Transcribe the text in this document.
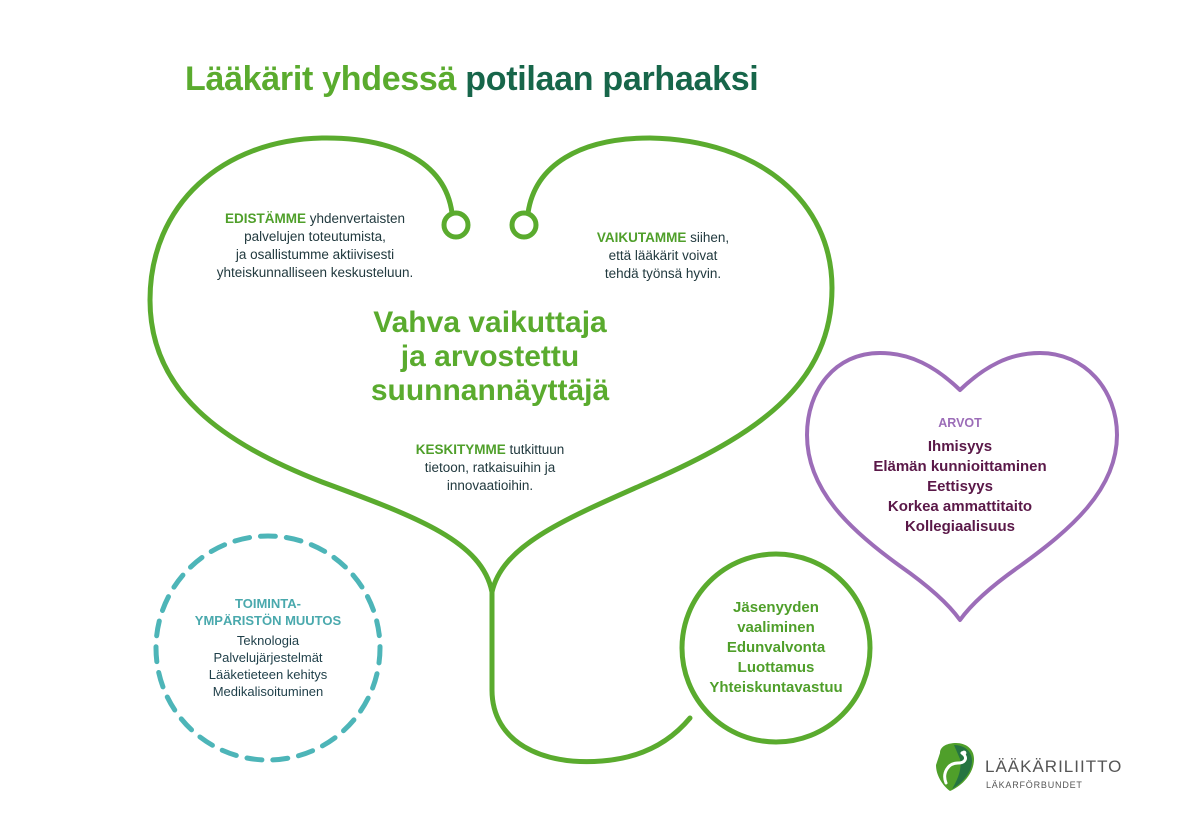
Lääkärit yhdessä potilaan parhaaksi
EDISTÄMME yhdenvertaisten
palvelujen toteutumista,
ja osallistumme aktiivisesti
yhteiskunnalliseen keskusteluun.
VAIKUTAMME siihen,
että lääkärit voivat
tehdä työnsä hyvin.
Vahva vaikuttaja
ja arvostettu
suunnannäyttäjä
KESKITYMME tutkittuun
tietoon, ratkaisuihin ja
innovaatioihin.
TOIMINTA-
YMPÄRISTÖN MUUTOS
Teknologia
Palvelujärjestelmät
Lääketieteen kehitys
Medikalisoituminen
Jäsenyyden
vaaliminen
Edunvalvonta
Luottamus
Yhteiskuntavastuu
ARVOT
Ihmisyys
Elämän kunnioittaminen
Eettisyys
Korkea ammattitaito
Kollegiaalisuus
LÄÄKÄRILIITTO
LÄKARFÖRBUNDET
